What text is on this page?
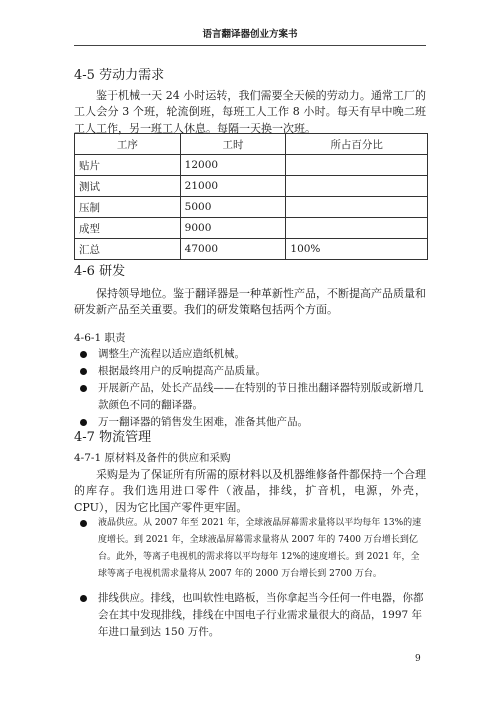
语言翻译器创业方案书
4-5 劳动力需求
鉴于机械一天 24 小时运转，我们需要全天候的劳动力。通常工厂的工人会分 3 个班，轮流倒班，每班工人工作 8 小时。每天有早中晚二班工人工作，另一班工人休息。每隔一天换一次班。
工序	工时	所占百分比
贴片	12000	
测试	21000	
压制	5000	
成型	9000	
汇总	47000	100%
4-6 研发
保持领导地位。鉴于翻译器是一种革新性产品，不断提高产品质量和研发新产品至关重要。我们的研发策略包括两个方面。
4-6-1 职责
调整生产流程以适应造纸机械。
根据最终用户的反响提高产品质量。
开展新产品，处长产品线——在特别的节日推出翻译器特别版或新增几款颜色不同的翻译器。
万一翻译器的销售发生困难，准备其他产品。
4-7 物流管理
4-7-1 原材料及备件的供应和采购
采购是为了保证所有所需的原材料以及机器维修备件都保持一个合理的库存。我们选用进口零件（液晶，排线，扩音机，电源，外壳，CPU），因为它比国产零件更牢固。
液晶供应。从 2007 年至 2021 年，全球液晶屏幕需求量将以平均每年 13%的速度增长。到 2021 年，全球液晶屏幕需求量将从 2007 年的 7400 万台增长到亿台。此外，等离子电视机的需求将以平均每年 12%的速度增长。到 2021 年，全球等离子电视机需求量将从 2007 年的 2000 万台增长到 2700 万台。
排线供应。排线，也叫软性电路板，当你拿起当今任何一件电器，你都会在其中发现排线，排线在中国电子行业需求量很大的商品，1997 年年进口量到达 150 万件。
9
